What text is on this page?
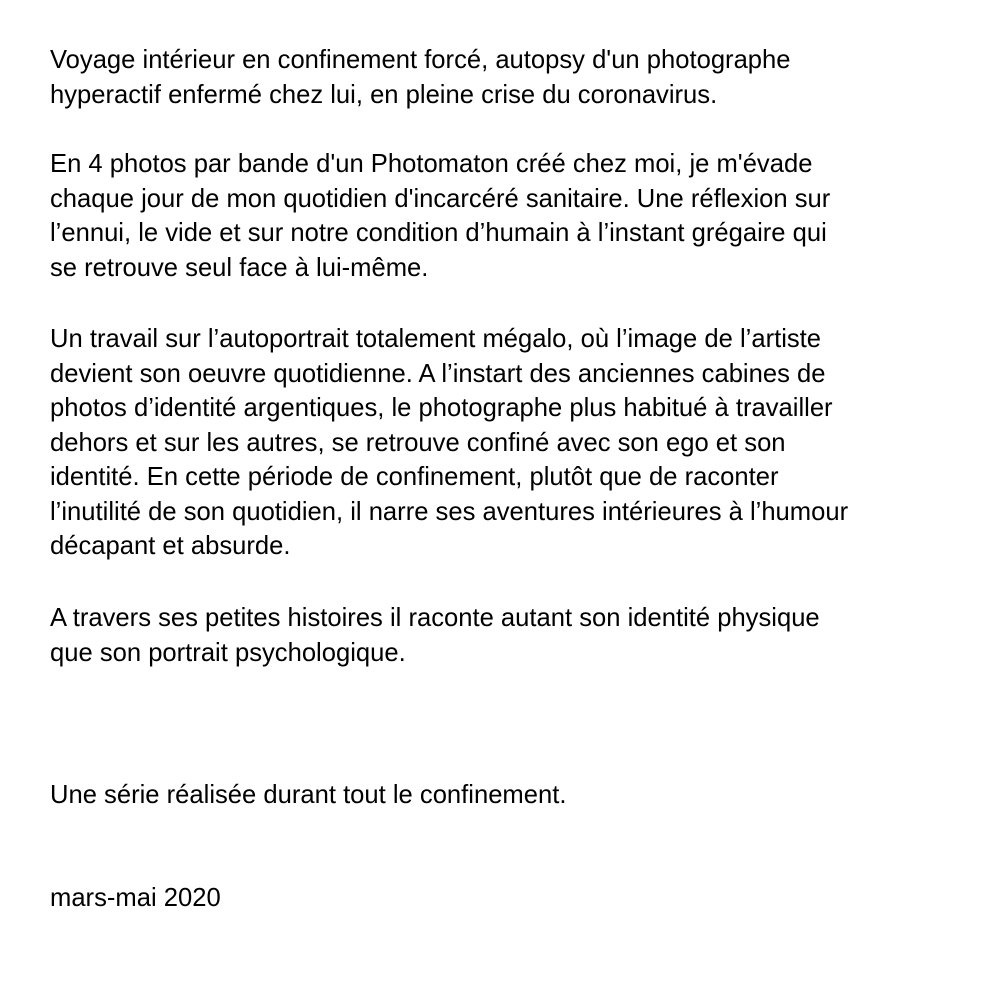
Voyage intérieur en confinement forcé, autopsy d'un photographe
hyperactif enfermé chez lui, en pleine crise du coronavirus.

En 4 photos par bande d'un Photomaton créé chez moi, je m'évade
chaque jour de mon quotidien d'incarcéré sanitaire. Une réflexion sur
l’ennui, le vide et sur notre condition d’humain à l’instant grégaire qui
se retrouve seul face à lui-même.

Un travail sur l’autoportrait totalement mégalo, où l’image de l’artiste
devient son oeuvre quotidienne. A l’instart des anciennes cabines de
photos d’identité argentiques, le photographe plus habitué à travailler
dehors et sur les autres, se retrouve confiné avec son ego et son
identité. En cette période de confinement, plutôt que de raconter
l’inutilité de son quotidien, il narre ses aventures intérieures à l’humour
décapant et absurde.

A travers ses petites histoires il raconte autant son identité physique
que son portrait psychologique.

Une série réalisée durant tout le confinement.

mars-mai 2020
